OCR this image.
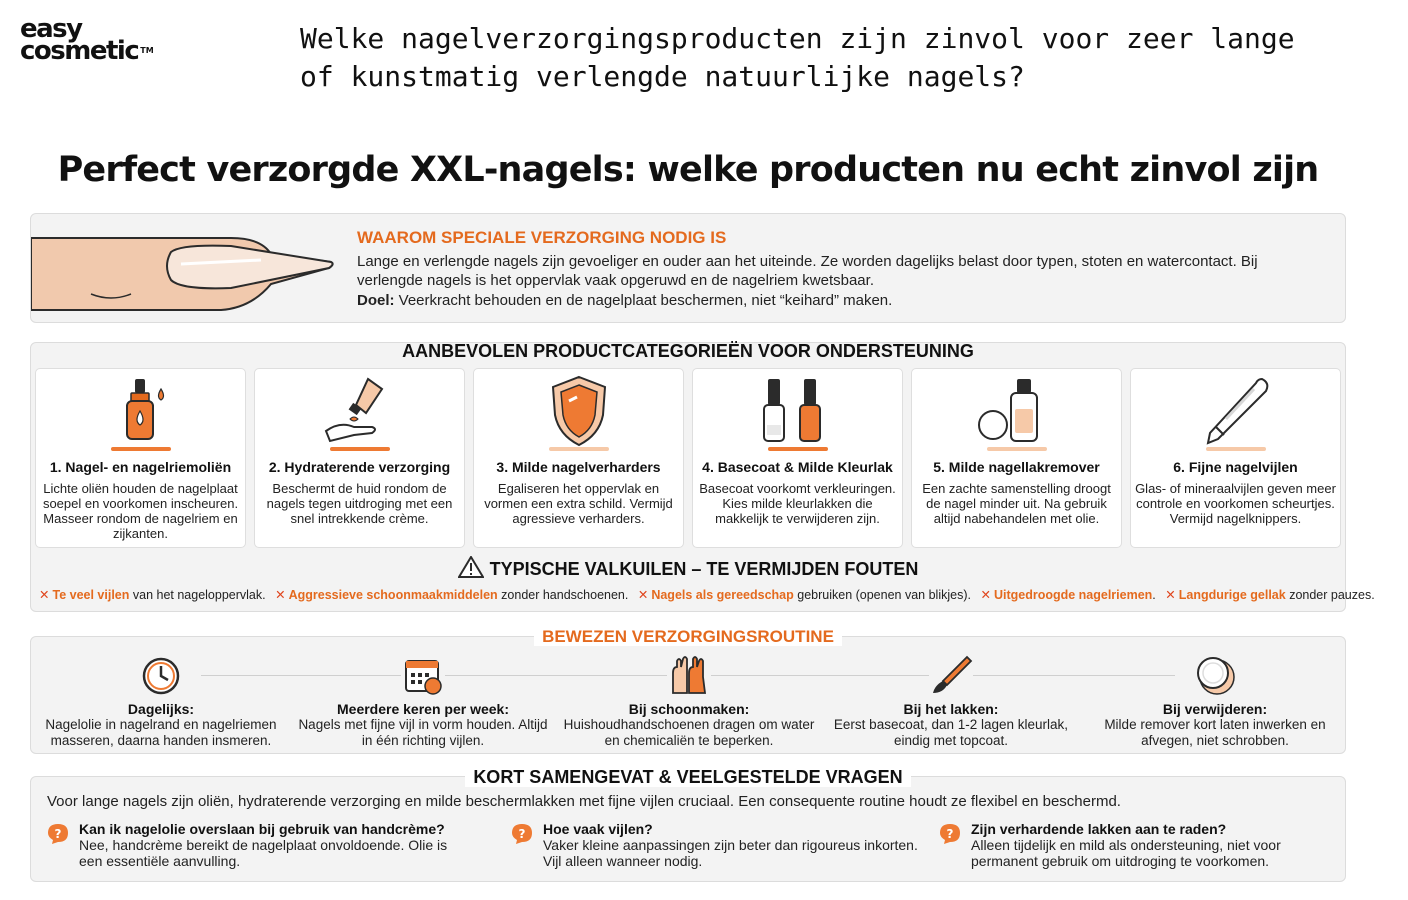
easy
cosmetic ™	Welke nagelverzorgingsproducten zijn zinvol voor zeer lange of kunstmatig verlengde natuurlijke nagels?
Perfect verzorgde XXL-nagels: welke producten nu echt zinvol zijn
WAAROM SPECIALE VERZORGING NODIG IS
Lange en verlengde nagels zijn gevoeliger en ouder aan het uiteinde. Ze worden dagelijks belast door typen, stoten en watercontact. Bij verlengde nagels is het oppervlak vaak opgeruwd en de nagelriem kwetsbaar.
Doel: Veerkracht behouden en de nagelplaat beschermen, niet “keihard” maken.
AANBEVOLEN PRODUCTCATEGORIEËN VOOR ONDERSTEUNING
1. Nagel- en nagelriemoliën
Lichte oliën houden de nagelplaat soepel en voorkomen inscheuren. Masseer rondom de nagelriem en zijkanten.
2. Hydraterende verzorging
Beschermt de huid rondom de nagels tegen uitdroging met een snel intrekkende crème.
3. Milde nagelverharders
Egaliseren het oppervlak en vormen een extra schild. Vermijd agressieve verharders.
4. Basecoat & Milde Kleurlak
Basecoat voorkomt verkleuringen. Kies milde kleurlakken die makkelijk te verwijderen zijn.
5. Milde nagellakremover
Een zachte samenstelling droogt de nagel minder uit. Na gebruik altijd nabehandelen met olie.
6. Fijne nagelvijlen
Glas- of mineraalvijlen geven meer controle en voorkomen scheurtjes. Vermijd nagelknippers.
TYPISCHE VALKUILEN – TE VERMIJDEN FOUTEN
✕ Te veel vijlen van het nageloppervlak. ✕ Aggressieve schoonmaakmiddelen zonder handschoenen. ✕ Nagels als gereedschap gebruiken (openen van blikjes). ✕ Uitgedroogde nagelriemen. ✕ Langdurige gellak zonder pauzes.
BEWEZEN VERZORGINGSROUTINE
Dagelijks:
Nagelolie in nagelrand en nagelriemen masseren, daarna handen insmeren.
Meerdere keren per week:
Nagels met fijne vijl in vorm houden. Altijd in één richting vijlen.
Bij schoonmaken:
Huishoudhandschoenen dragen om water en chemicaliën te beperken.
Bij het lakken:
Eerst basecoat, dan 1-2 lagen kleurlak, eindig met topcoat.
Bij verwijderen:
Milde remover kort laten inwerken en afvegen, niet schrobben.
KORT SAMENGEVAT & VEELGESTELDE VRAGEN
Voor lange nagels zijn oliën, hydraterende verzorging en milde beschermlakken met fijne vijlen cruciaal. Een consequente routine houdt ze flexibel en beschermd.
? Kan ik nagelolie overslaan bij gebruik van handcrème?
Nee, handcrème bereikt de nagelplaat onvoldoende. Olie is een essentiële aanvulling.
? Hoe vaak vijlen?
Vaker kleine aanpassingen zijn beter dan rigoureus inkorten. Vijl alleen wanneer nodig.
? Zijn verhardende lakken aan te raden?
Alleen tijdelijk en mild als ondersteuning, niet voor permanent gebruik om uitdroging te voorkomen.
